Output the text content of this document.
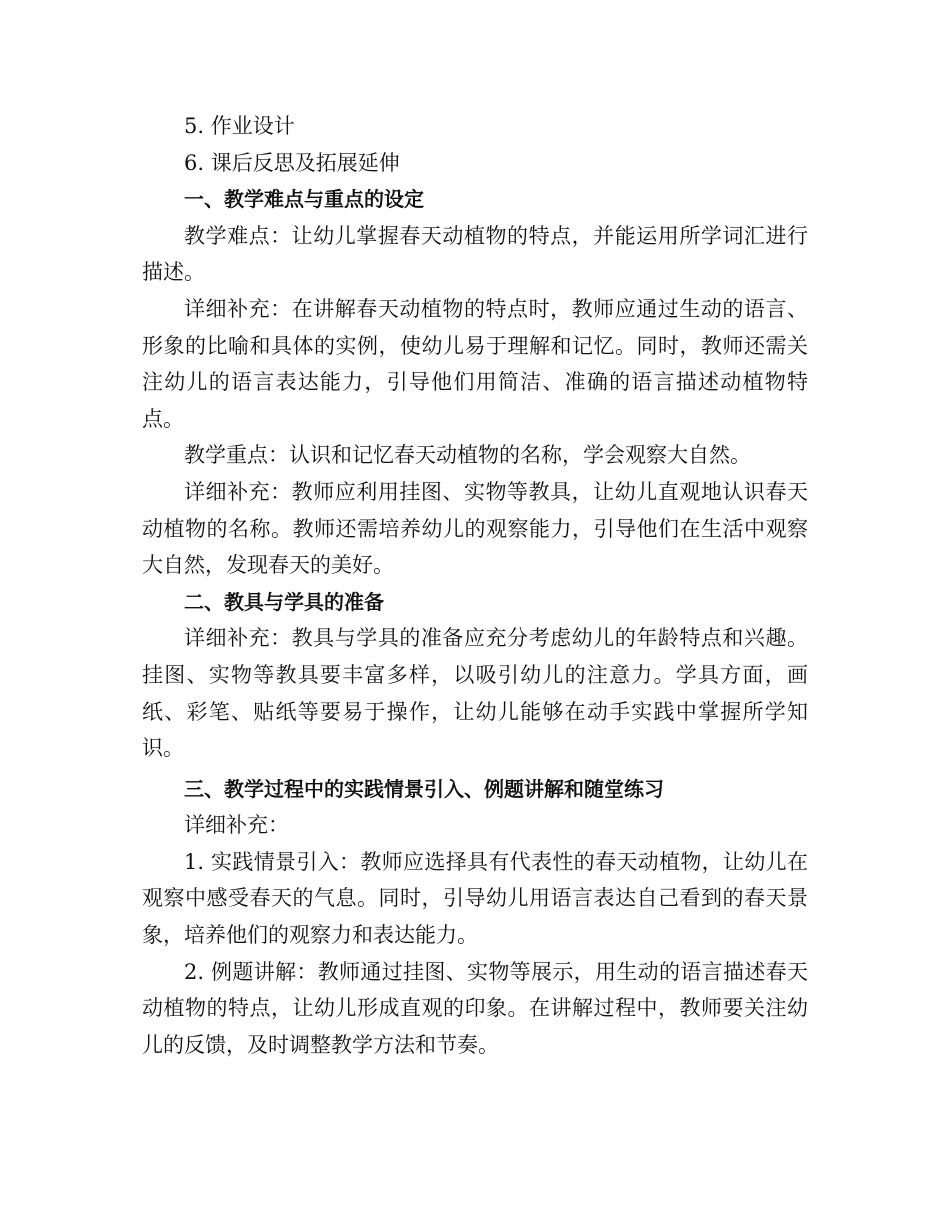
5. 作业设计

6. 课后反思及拓展延伸

一、教学难点与重点的设定

教学难点：让幼儿掌握春天动植物的特点，并能运用所学词汇进行描述。

详细补充：在讲解春天动植物的特点时，教师应通过生动的语言、形象的比喻和具体的实例，使幼儿易于理解和记忆。同时，教师还需关注幼儿的语言表达能力，引导他们用简洁、准确的语言描述动植物特点。

教学重点：认识和记忆春天动植物的名称，学会观察大自然。

详细补充：教师应利用挂图、实物等教具，让幼儿直观地认识春天动植物的名称。教师还需培养幼儿的观察能力，引导他们在生活中观察大自然，发现春天的美好。

二、教具与学具的准备

详细补充：教具与学具的准备应充分考虑幼儿的年龄特点和兴趣。挂图、实物等教具要丰富多样，以吸引幼儿的注意力。学具方面，画纸、彩笔、贴纸等要易于操作，让幼儿能够在动手实践中掌握所学知识。

三、教学过程中的实践情景引入、例题讲解和随堂练习

详细补充：

1. 实践情景引入：教师应选择具有代表性的春天动植物，让幼儿在观察中感受春天的气息。同时，引导幼儿用语言表达自己看到的春天景象，培养他们的观察力和表达能力。

2. 例题讲解：教师通过挂图、实物等展示，用生动的语言描述春天动植物的特点，让幼儿形成直观的印象。在讲解过程中，教师要关注幼儿的反馈，及时调整教学方法和节奏。
